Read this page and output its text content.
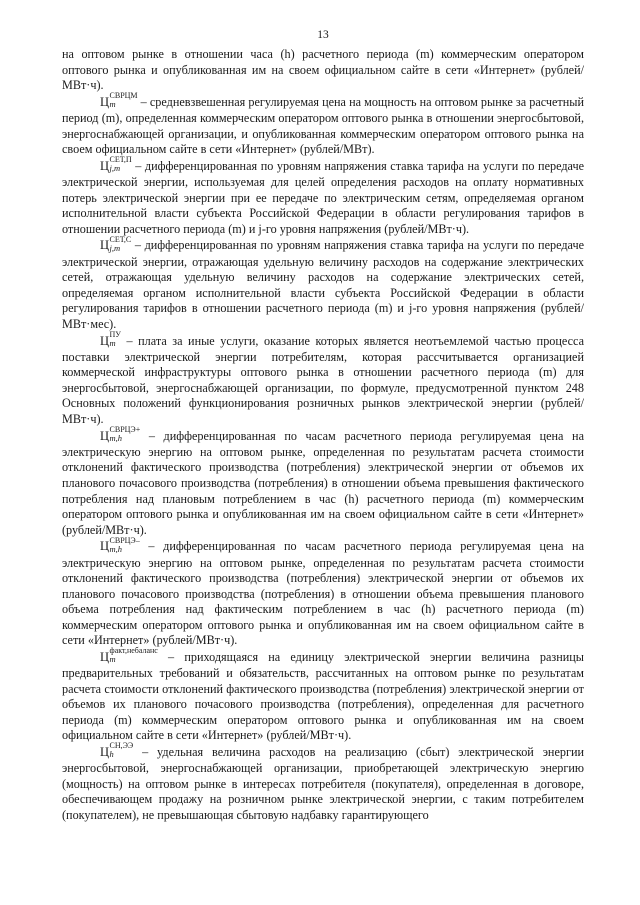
13

на оптовом рынке в отношении часа (h) расчетного периода (m) коммерческим оператором оптового рынка и опубликованная им на своем официальном сайте в сети «Интернет» (рублей/МВт·ч).

Ц СВРЦМ
m	– средневзвешенная регулируемая цена на мощность на оптовом рынке за расчетный период (m), определенная коммерческим оператором оптового рынка в отношении энергосбытовой, энергоснабжающей организации, и опубликованная коммерческим оператором оптового рынка на своем официальном сайте в сети «Интернет» (рублей/МВт).

Ц СЕТ,П
j,m – дифференцированная по уровням напряжения ставка тарифа на услуги по передаче электрической энергии, используемая для целей определения расходов на оплату нормативных потерь электрической энергии при ее передаче по электрическим сетям, определяемая органом исполнительной власти субъекта Российской Федерации в области регулирования тарифов в отношении расчетного периода (m) и j-го уровня напряжения (рублей/МВт·ч).

Ц СЕТ,С
j,m – дифференцированная по уровням напряжения ставка тарифа на услуги по передаче электрической энергии, отражающая удельную величину расходов на содержание электрических сетей, отражающая удельную величину расходов на содержание электрических сетей, определяемая органом исполнительной власти субъекта Российской Федерации в области регулирования тарифов в отношении расчетного периода (m) и j-го уровня напряжения (рублей/МВт·мес).

Ц ПУ
m – плата за иные услуги, оказание которых является неотъемлемой частью процесса поставки электрической энергии потребителям, которая рассчитывается организацией коммерческой инфраструктуры оптового рынка в отношении расчетного периода (m) для энергосбытовой, энергоснабжающей организации, по формуле, предусмотренной пунктом 248 Основных положений функционирования розничных рынков электрической энергии (рублей/МВт·ч).

Ц СВРЦЭ+
m,h	– дифференцированная по часам расчетного периода регулируемая цена на электрическую энергию на оптовом рынке, определенная по результатам расчета стоимости отклонений фактического производства (потребления) электрической энергии от объемов их планового почасового производства (потребления) в отношении объема превышения фактического потребления над плановым потреблением в час (h) расчетного периода (m) коммерческим оператором оптового рынка и опубликованная им на своем официальном сайте в сети «Интернет» (рублей/МВт·ч).

Ц СВРЦЭ–
m,h	– дифференцированная по часам расчетного периода регулируемая цена на электрическую энергию на оптовом рынке, определенная по результатам расчета стоимости отклонений фактического производства (потребления) электрической энергии от объемов их планового почасового производства (потребления) в отношении объема превышения планового объема потребления над фактическим потреблением в час (h) расчетного периода (m) коммерческим оператором оптового рынка и опубликованная им на своем официальном сайте в сети «Интернет» (рублей/МВт·ч).

Ц факт,небаланс
m	– приходящаяся на единицу электрической энергии величина разницы предварительных требований и обязательств, рассчитанных на оптовом рынке по результатам расчета стоимости отклонений фактического производства (потребления) электрической энергии от объемов их планового почасового производства (потребления), определенная для расчетного периода (m) коммерческим оператором оптового рынка и опубликованная им на своем официальном сайте в сети «Интернет» (рублей/МВт·ч).

Ц СН,ЭЭ
h	– удельная величина расходов на реализацию (сбыт) электрической энергии энергосбытовой, энергоснабжающей организации, приобретающей электрическую энергию (мощность) на оптовом рынке в интересах потребителя (покупателя), определенная в договоре, обеспечивающем продажу на розничном рынке электрической энергии, с таким потребителем (покупателем), не превышающая сбытовую надбавку гарантирующего
